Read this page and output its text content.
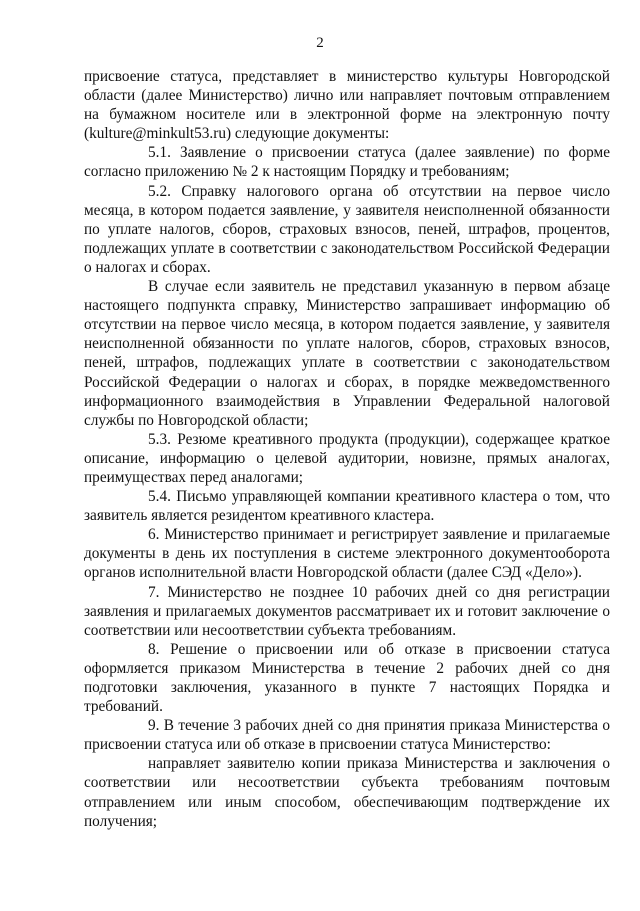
2

присвоение статуса, представляет в министерство культуры Новгородской области (далее Министерство) лично или направляет почтовым отправлением на бумажном носителе или в электронной форме на электронную почту (kulture@minkult53.ru) следующие документы:

5.1. Заявление о присвоении статуса (далее заявление) по форме согласно приложению № 2 к настоящим Порядку и требованиям;

5.2. Справку налогового органа об отсутствии на первое число месяца, в котором подается заявление, у заявителя неисполненной обязанности по уплате налогов, сборов, страховых взносов, пеней, штрафов, процентов, подлежащих уплате в соответствии с законодательством Российской Федерации о налогах и сборах.

В случае если заявитель не представил указанную в первом абзаце настоящего подпункта справку, Министерство запрашивает информацию об отсутствии на первое число месяца, в котором подается заявление, у заявителя неисполненной обязанности по уплате налогов, сборов, страховых взносов, пеней, штрафов, подлежащих уплате в соответствии с законодательством Российской Федерации о налогах и сборах, в порядке межведомственного информационного взаимодействия в Управлении Федеральной налоговой службы по Новгородской области;

5.3. Резюме креативного продукта (продукции), содержащее краткое описание, информацию о целевой аудитории, новизне, прямых аналогах, преимуществах перед аналогами;

5.4. Письмо управляющей компании креативного кластера о том, что заявитель является резидентом креативного кластера.

6. Министерство принимает и регистрирует заявление и прилагаемые документы в день их поступления в системе электронного документооборота органов исполнительной власти Новгородской области (далее СЭД «Дело»).

7. Министерство не позднее 10 рабочих дней со дня регистрации заявления и прилагаемых документов рассматривает их и готовит заключение о соответствии или несоответствии субъекта требованиям.

8. Решение о присвоении или об отказе в присвоении статуса оформляется приказом Министерства в течение 2 рабочих дней со дня подготовки заключения, указанного в пункте 7 настоящих Порядка и требований.

9. В течение 3 рабочих дней со дня принятия приказа Министерства о присвоении статуса или об отказе в присвоении статуса Министерство:

направляет заявителю копии приказа Министерства и заключения о соответствии или несоответствии субъекта требованиям почтовым отправлением или иным способом, обеспечивающим подтверждение их получения;
